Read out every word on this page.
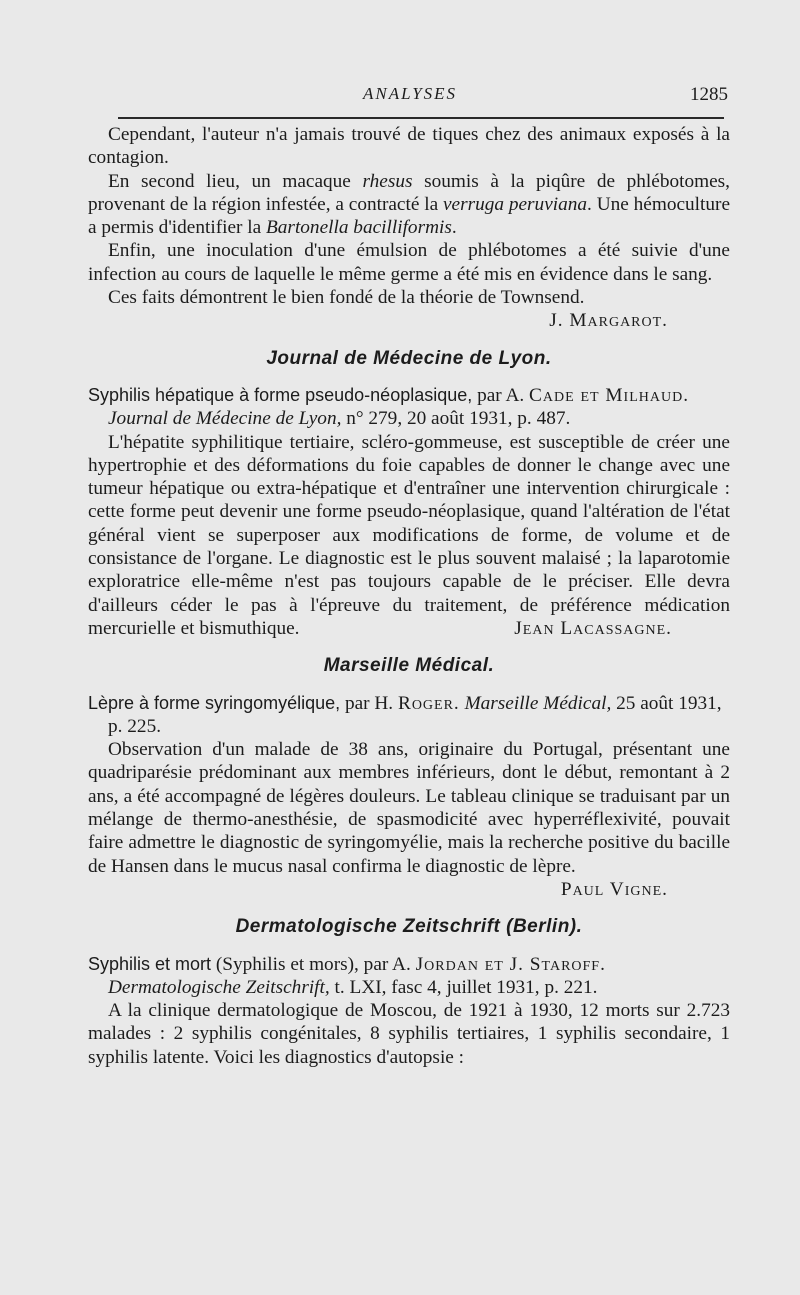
ANALYSES	1285

Cependant, l'auteur n'a jamais trouvé de tiques chez des animaux exposés à la contagion.

En second lieu, un macaque rhesus soumis à la piqûre de phlébotomes, provenant de la région infestée, a contracté la verruga peruviana. Une hémoculture a permis d'identifier la Bartonella bacilliformis.

Enfin, une inoculation d'une émulsion de phlébotomes a été suivie d'une infection au cours de laquelle le même germe a été mis en évidence dans le sang.

Ces faits démontrent le bien fondé de la théorie de Townsend.

J. Margarot.

Journal de Médecine de Lyon.

Syphilis hépatique à forme pseudo-néoplasique, par A. Cade et Milhaud.
Journal de Médecine de Lyon, n° 279, 20 août 1931, p. 487.

L'hépatite syphilitique tertiaire, scléro-gommeuse, est susceptible de créer une hypertrophie et des déformations du foie capables de donner le change avec une tumeur hépatique ou extra-hépatique et d'entraîner une intervention chirurgicale : cette forme peut devenir une forme pseudo-néoplasique, quand l'altération de l'état général vient se superposer aux modifications de forme, de volume et de consistance de l'organe. Le diagnostic est le plus souvent malaisé ; la laparotomie exploratrice elle-même n'est pas toujours capable de le préciser. Elle devra d'ailleurs céder le pas à l'épreuve du traitement, de préférence médication mercurielle et bismuthique.	Jean Lacassagne.

Marseille Médical.

Lèpre à forme syringomyélique, par H. Roger. Marseille Médical, 25 août 1931, p. 225.

Observation d'un malade de 38 ans, originaire du Portugal, présentant une quadriparésie prédominant aux membres inférieurs, dont le début, remontant à 2 ans, a été accompagné de légères douleurs. Le tableau clinique se traduisant par un mélange de thermo-anesthésie, de spasmodicité avec hyperréflexivité, pouvait faire admettre le diagnostic de syringomyélie, mais la recherche positive du bacille de Hansen dans le mucus nasal confirma le diagnostic de lèpre.

Paul Vigne.

Dermatologische Zeitschrift (Berlin).

Syphilis et mort (Syphilis et mors), par A. Jordan et J. Staroff. Dermatologische Zeitschrift, t. LXI, fasc 4, juillet 1931, p. 221.

A la clinique dermatologique de Moscou, de 1921 à 1930, 12 morts sur 2.723 malades : 2 syphilis congénitales, 8 syphilis tertiaires, 1 syphilis secondaire, 1 syphilis latente. Voici les diagnostics d'autopsie :
